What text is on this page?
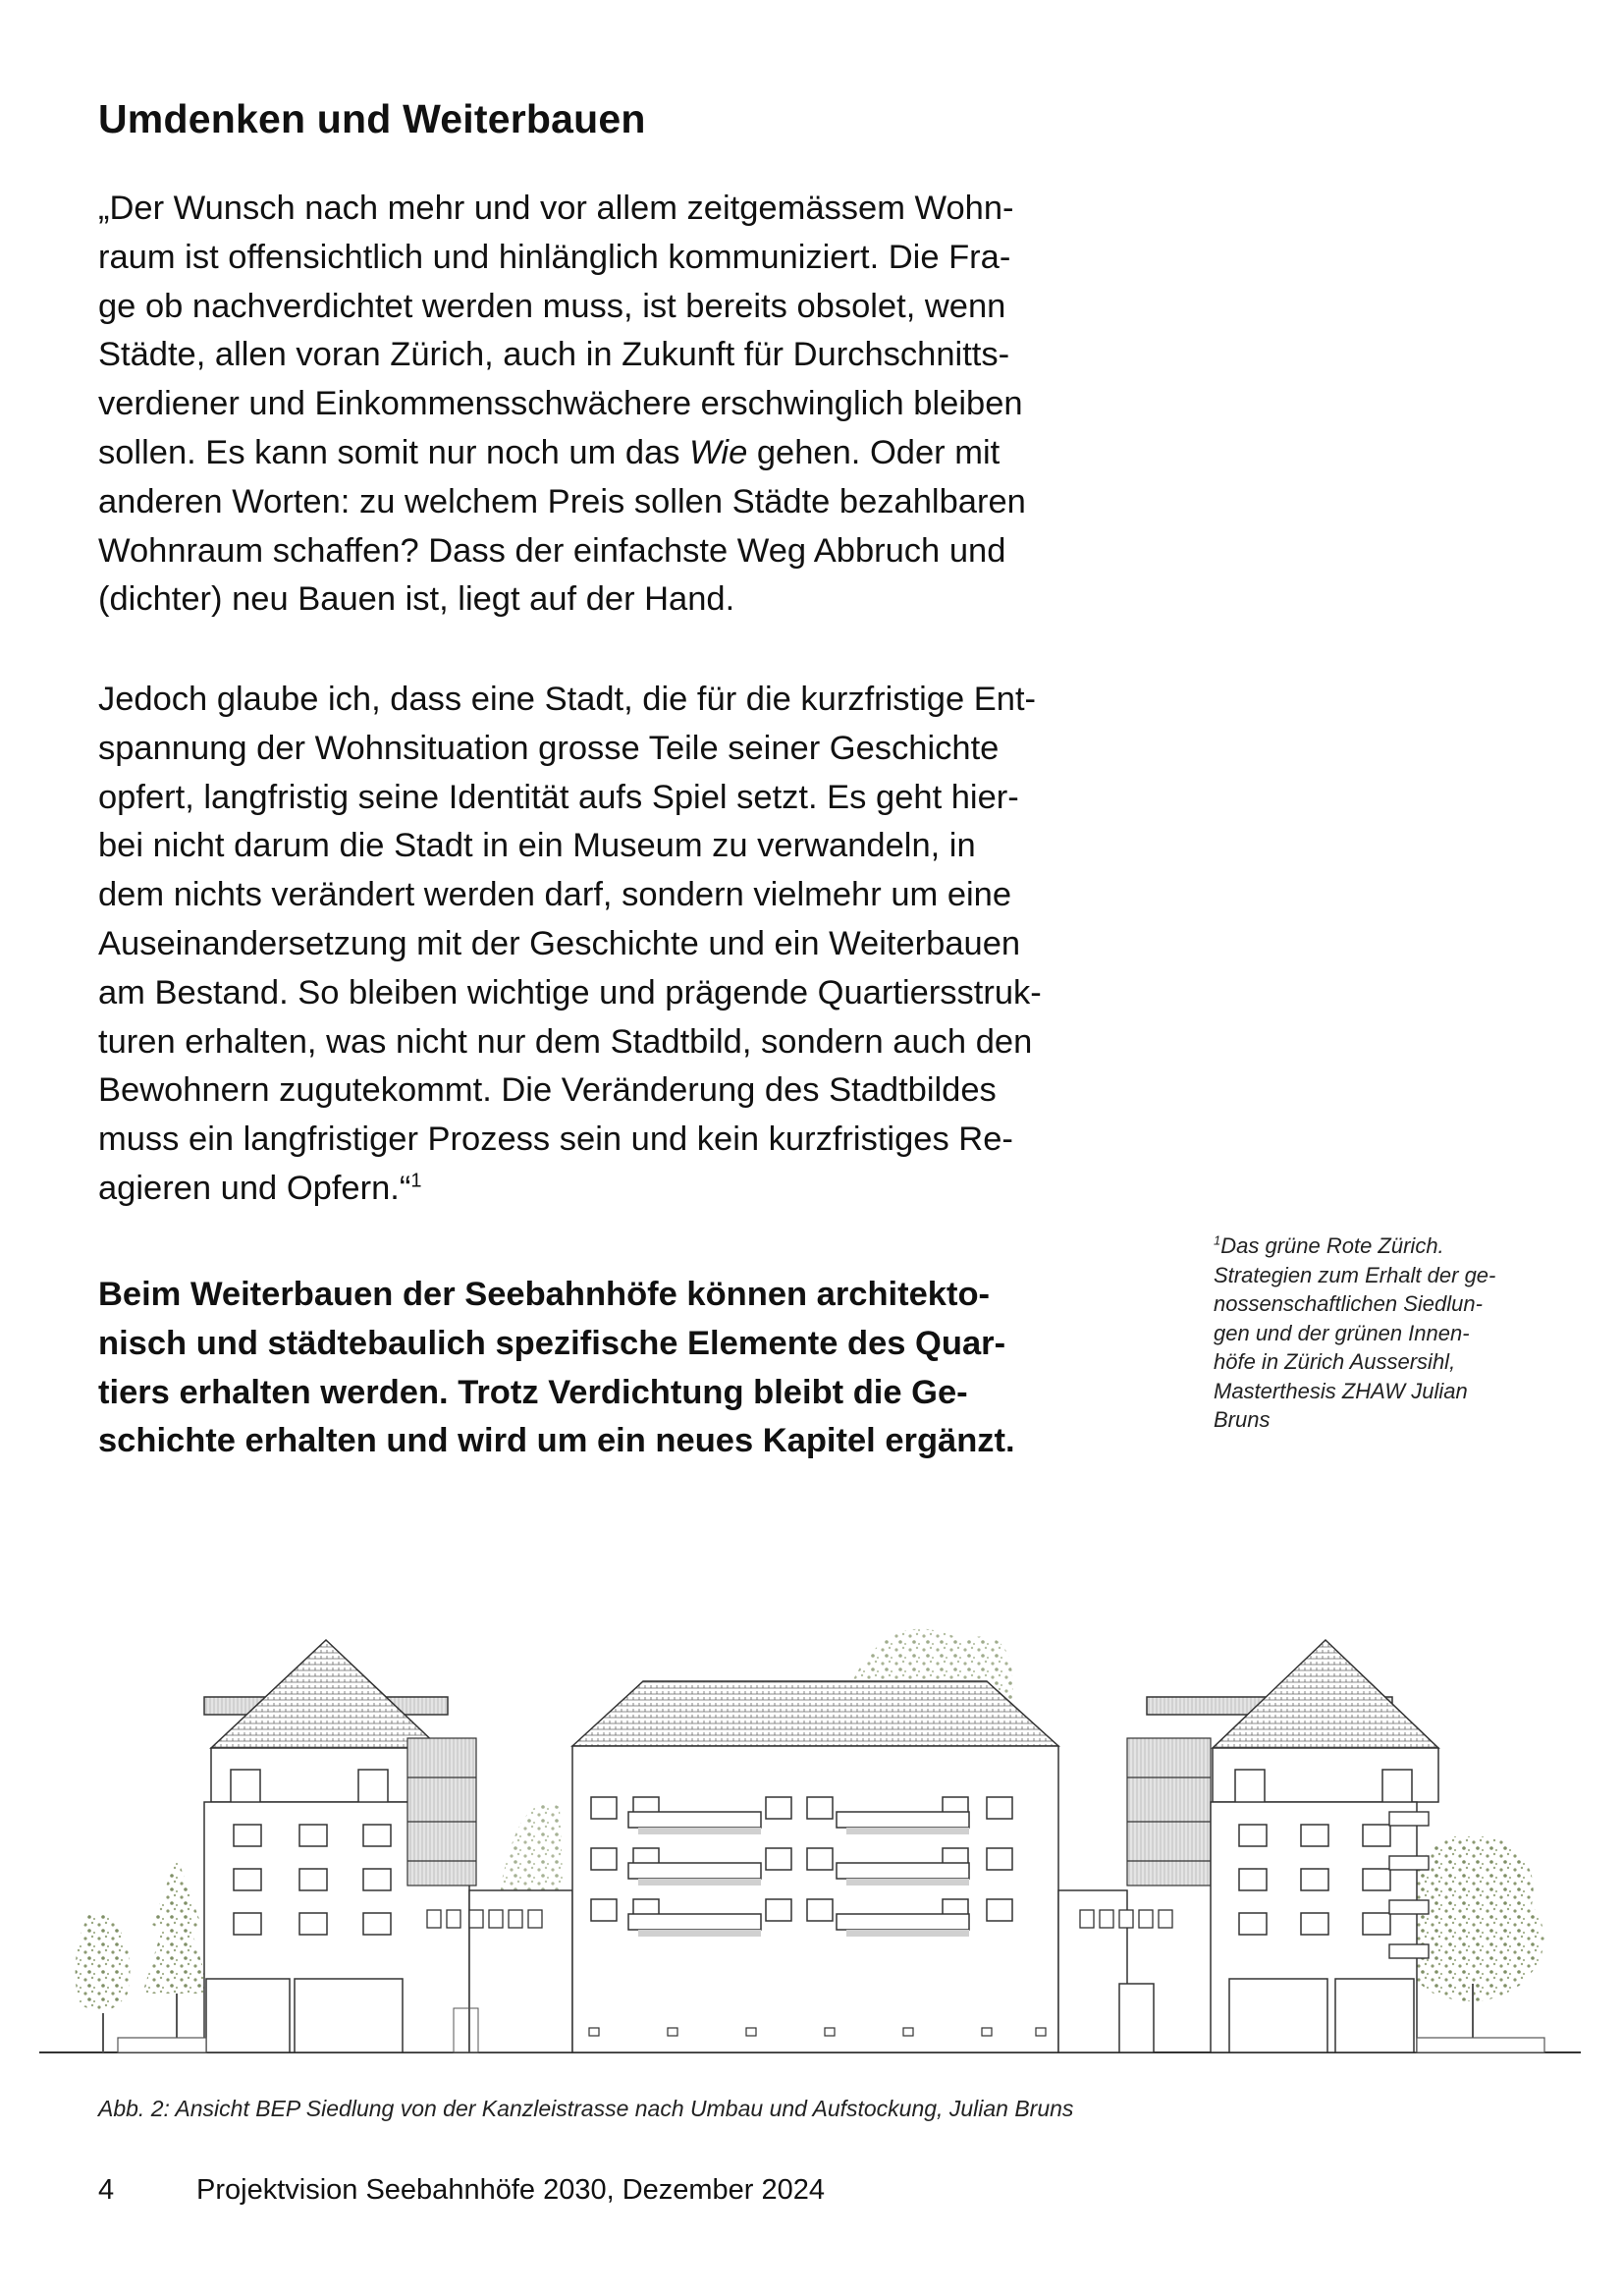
Umdenken und Weiterbauen

„Der Wunsch nach mehr und vor allem zeitgemässem Wohn-
raum ist offensichtlich und hinlänglich kommuniziert. Die Fra-
ge ob nachverdichtet werden muss, ist bereits obsolet, wenn
Städte, allen voran Zürich, auch in Zukunft für Durchschnitts-
verdiener und Einkommensschwächere erschwinglich bleiben
sollen. Es kann somit nur noch um das Wie gehen. Oder mit
anderen Worten: zu welchem Preis sollen Städte bezahlbaren
Wohnraum schaffen? Dass der einfachste Weg Abbruch und
(dichter) neu Bauen ist, liegt auf der Hand.

Jedoch glaube ich, dass eine Stadt, die für die kurzfristige Ent-
spannung der Wohnsituation grosse Teile seiner Geschichte
opfert, langfristig seine Identität aufs Spiel setzt. Es geht hier-
bei nicht darum die Stadt in ein Museum zu verwandeln, in
dem nichts verändert werden darf, sondern vielmehr um eine
Auseinandersetzung mit der Geschichte und ein Weiterbauen
am Bestand. So bleiben wichtige und prägende Quartiersstruk-
turen erhalten, was nicht nur dem Stadtbild, sondern auch den
Bewohnern zugutekommt. Die Veränderung des Stadtbildes
muss ein langfristiger Prozess sein und kein kurzfristiges Re-
agieren und Opfern.“$^1$

Beim Weiterbauen der Seebahnhöfe können architekto-
nisch und städtebaulich spezifische Elemente des Quar-
tiers erhalten werden. Trotz Verdichtung bleibt die Ge-
schichte erhalten und wird um ein neues Kapitel ergänzt.

$^1$Das grüne Rote Zürich.
Strategien zum Erhalt der ge-
nossenschaftlichen Siedlun-
gen und der grünen Innen-
höfe in Zürich Aussersihl,
Masterthesis ZHAW Julian
Bruns

Abb. 2: Ansicht BEP Siedlung von der Kanzleistrasse nach Umbau und Aufstockung, Julian Bruns

4	Projektvision Seebahnhöfe 2030, Dezember 2024
